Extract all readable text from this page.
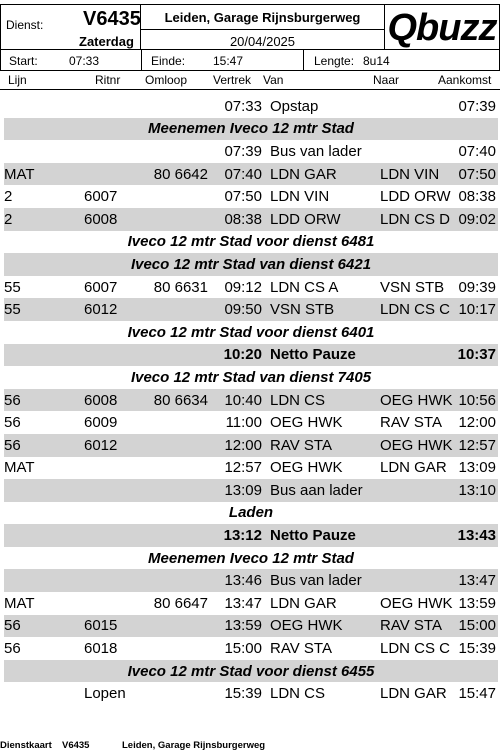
Dienst: V6435
Zaterdag
Leiden, Garage Rijnsburgerweg
20/04/2025	Qbuzz
Start:	07:33	Einde: 15:47	Lengte: 8u14
Lijn	Ritnr Omloop Vertrek Van	Naar	Aankomst
			07:33	Opstap		07:39
Meenemen Iveco 12 mtr Stad						
			07:39	Bus van lader		07:40
MAT		80 6642	07:40	LDN GAR	LDN VIN	07:50
2	6007		07:50	LDN VIN	LDD ORW	08:38
2	6008		08:38	LDD ORW	LDN CS D	09:02
Iveco 12 mtr Stad voor dienst 6481						
Iveco 12 mtr Stad van dienst 6421						
55	6007	80 6631	09:12	LDN CS A	VSN STB	09:39
55	6012		09:50	VSN STB	LDN CS C	10:17
Iveco 12 mtr Stad voor dienst 6401						
			10:20	Netto Pauze		10:37
Iveco 12 mtr Stad van dienst 7405						
56	6008	80 6634	10:40	LDN CS	OEG HWK	10:56
56	6009		11:00	OEG HWK	RAV STA	12:00
56	6012		12:00	RAV STA	OEG HWK	12:57
MAT			12:57	OEG HWK	LDN GAR	13:09
			13:09	Bus aan lader		13:10
Laden						
			13:12	Netto Pauze		13:43
Meenemen Iveco 12 mtr Stad						
			13:46	Bus van lader		13:47
MAT		80 6647	13:47	LDN GAR	OEG HWK	13:59
56	6015		13:59	OEG HWK	RAV STA	15:00
56	6018		15:00	RAV STA	LDN CS C	15:39
Iveco 12 mtr Stad voor dienst 6455						
	Lopen		15:39	LDN CS	LDN GAR	15:47
Dienstkaart V6435	Leiden, Garage Rijnsburgerweg
